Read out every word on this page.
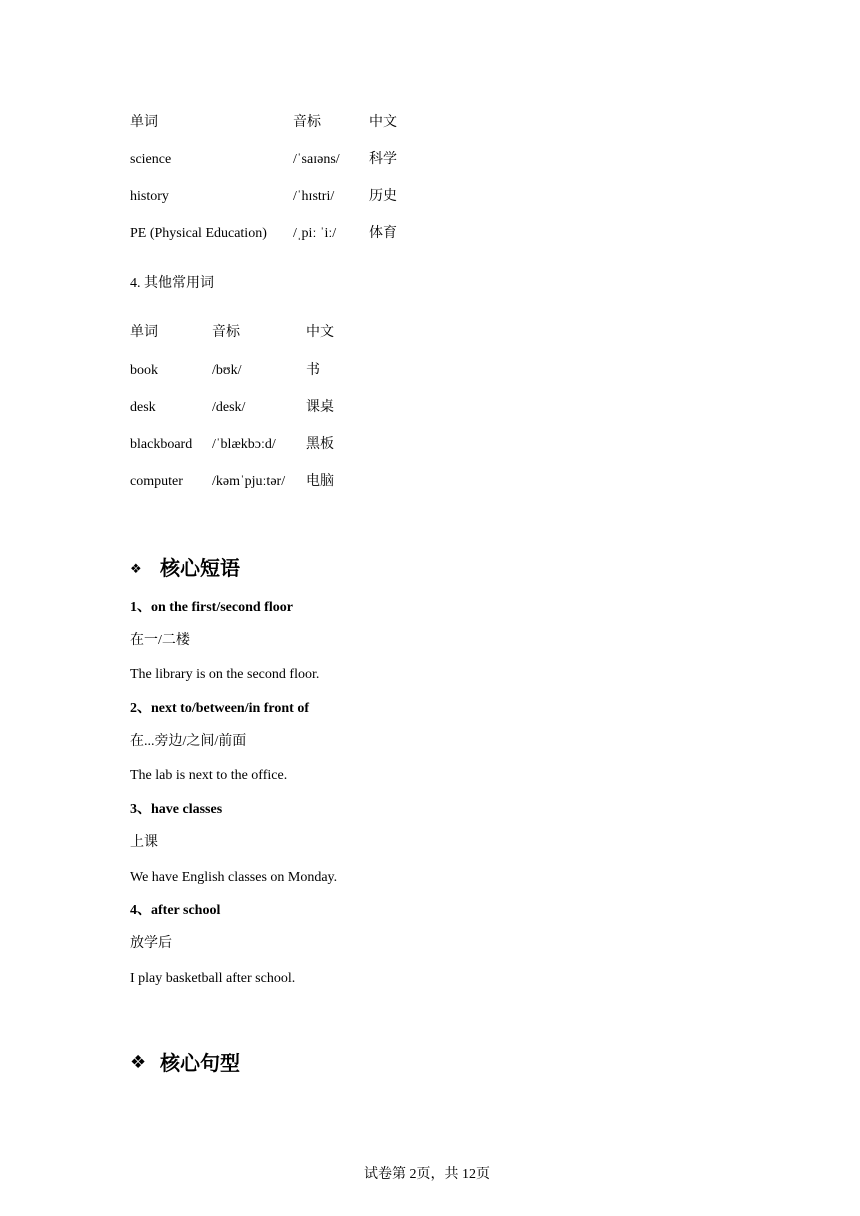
单词	音标	中文
science	/ˈsaɪəns/ 科学
history	/ˈhɪstri/ 历史
PE (Physical Education) /ˌpiː ˈiː/ 体育
4. 其他常用词
单词	音标	中文
book	/bʊk/	书
desk	/desk/	课桌
blackboard /ˈblækbɔːd/ 黑板
computer /kəmˈpjuːtər/ 电脑
❖ 核心短语
1、on the first/second floor
在一/二楼
The library is on the second floor.
2、next to/between/in front of
在...旁边/之间/前面
The lab is next to the office.
3、have classes
上课
We have English classes on Monday.
4、after school
放学后
I play basketball after school.
❖ 核心句型
试卷第 2页，共 12页
